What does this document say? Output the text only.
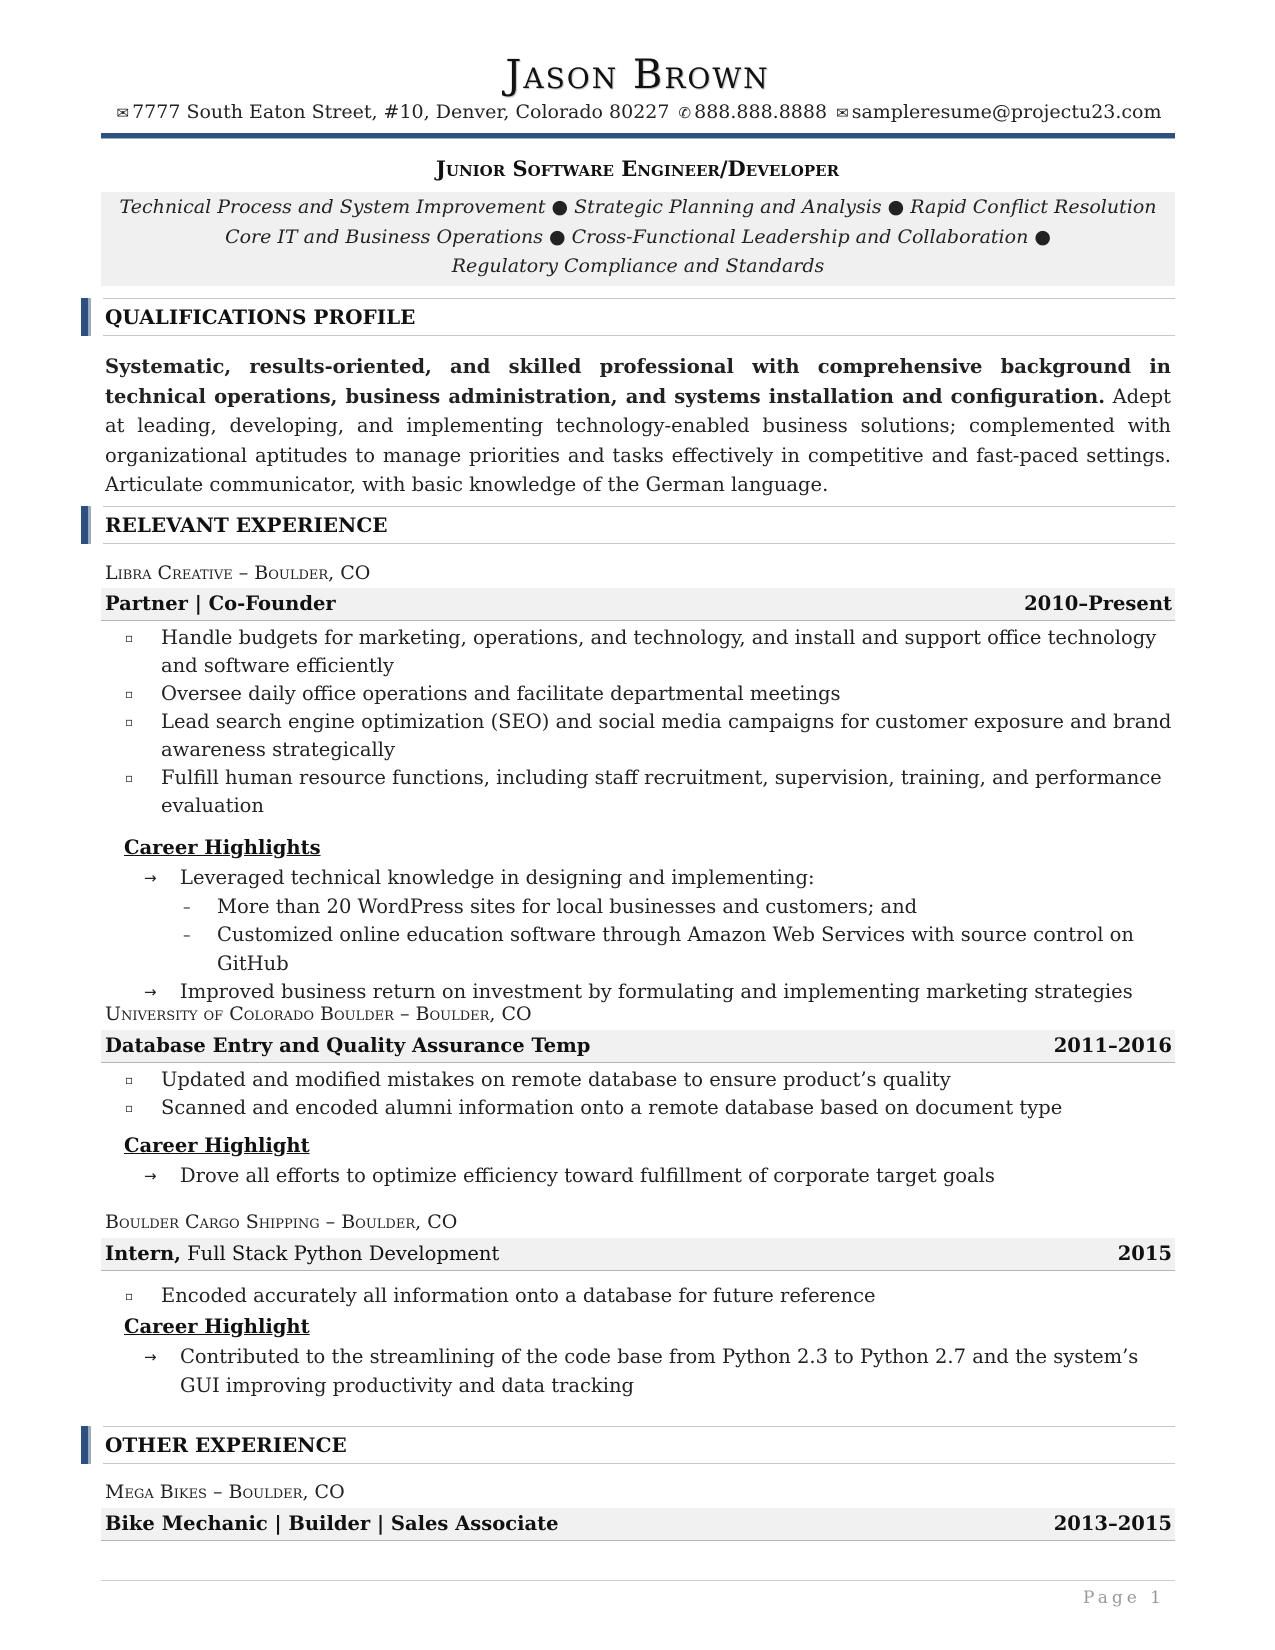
Jason Brown
✉ 7777 South Eaton Street, #10, Denver, Colorado 80227 ✆ 888.888.8888 ✉ sampleresume@projectu23.com
Junior Software Engineer/Developer
Technical Process and System Improvement ● Strategic Planning and Analysis ● Rapid Conflict Resolution
Core IT and Business Operations ● Cross-Functional Leadership and Collaboration ●
Regulatory Compliance and Standards
QUALIFICATIONS PROFILE
Systematic, results-oriented, and skilled professional with comprehensive background in technical operations, business administration, and systems installation and configuration. Adept at leading, developing, and implementing technology-enabled business solutions; complemented with organizational aptitudes to manage priorities and tasks effectively in competitive and fast-paced settings. Articulate communicator, with basic knowledge of the German language.
RELEVANT EXPERIENCE
Libra Creative – Boulder, CO
Partner | Co-Founder	2010–Present
▫ Handle budgets for marketing, operations, and technology, and install and support office technology and software efficiently
▫ Oversee daily office operations and facilitate departmental meetings
▫ Lead search engine optimization (SEO) and social media campaigns for customer exposure and brand awareness strategically
▫ Fulfill human resource functions, including staff recruitment, supervision, training, and performance evaluation
Career Highlights
→ Leveraged technical knowledge in designing and implementing:
– More than 20 WordPress sites for local businesses and customers; and
– Customized online education software through Amazon Web Services with source control on GitHub
→ Improved business return on investment by formulating and implementing marketing strategies
University of Colorado Boulder – Boulder, CO
Database Entry and Quality Assurance Temp	2011–2016
▫ Updated and modified mistakes on remote database to ensure product’s quality
▫ Scanned and encoded alumni information onto a remote database based on document type
Career Highlight
→ Drove all efforts to optimize efficiency toward fulfillment of corporate target goals
Boulder Cargo Shipping – Boulder, CO
Intern, Full Stack Python Development	2015
▫ Encoded accurately all information onto a database for future reference
Career Highlight
→ Contributed to the streamlining of the code base from Python 2.3 to Python 2.7 and the system’s GUI improving productivity and data tracking
OTHER EXPERIENCE
Mega Bikes – Boulder, CO
Bike Mechanic | Builder | Sales Associate	2013–2015
Page 1
